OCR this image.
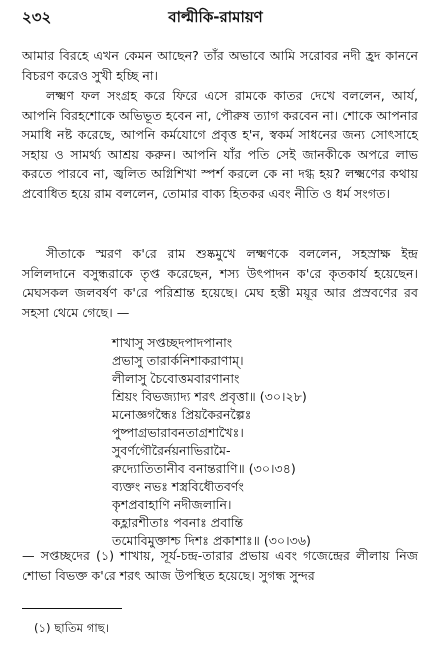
২৩২	বাল্মীকি-রামায়ণ

আমার বিরহে এখন কেমন আছেন? তাঁর অভাবে আমি সরোবর নদী হ্রদ কাননে বিচরণ করেও সুখী হচ্ছি না।

লক্ষ্মণ ফল সংগ্রহ করে ফিরে এসে রামকে কাতর দেখে বললেন, আর্য, আপনি বিরহশোকে অভিভূত হবেন না, পৌরুষ ত্যাগ করবেন না। শোকে আপনার সমাধি নষ্ট করেছে, আপনি কর্মযোগে প্রবৃত্ত হ'ন, স্বকর্ম সাধনের জন্য সোৎসাহে সহায় ও সামর্থ্য আশ্রয় করুন। আপনি যাঁর পতি সেই জানকীকে অপরে লাভ করতে পারবে না, জ্বলিত অগ্নিশিখা স্পর্শ করলে কে না দগ্ধ হয়? লক্ষ্মণের কথায় প্রবোধিত হয়ে রাম বললেন, তোমার বাক্য হিতকর এবং নীতি ও ধর্ম সংগত।

সীতাকে স্মরণ ক'রে রাম শুষ্কমুখে লক্ষ্মণকে বললেন, সহস্রাক্ষ ইন্দ্র সলিলদানে বসুন্ধরাকে তৃপ্ত করেছেন, শস্য উৎপাদন ক'রে কৃতকার্য হয়েছেন। মেঘসকল জলবর্ষণ ক'রে পরিশ্রান্ত হয়েছে। মেঘ হস্তী ময়ূর আর প্রস্রবণের রব সহসা থেমে গেছে। —

শাখাসু সপ্তচ্ছদপাদপানাং
প্রভাসু তারার্কনিশাকরাণাম্।
লীলাসু চৈবোত্তমবারণানাং
শ্রিয়ং বিভজ্যাদ্য শরৎ প্রবৃত্তা॥ (৩০।২৮)
মনোজ্ঞগন্ধৈঃ প্রিয়কৈরনল্পৈঃ
পুষ্পাগ্রভারাবনতাগ্রশাখৈঃ।
সুবর্ণগৌরৈর্নয়নাভিরামৈ-
রুদ্যোতিতানীব বনান্তরাণি॥ (৩০।৩৪)
ব্যক্তং নভঃ শস্ত্রবিধৌতবর্ণং
কৃশপ্রবাহাণি নদীজলানি।
কহ্লারশীতাঃ পবনাঃ প্রবান্তি
তমোবিমুক্তাশ্চ দিশঃ প্রকাশাঃ॥ (৩০।৩৬)

— সপ্তচ্ছদের (১) শাখায়, সূর্য-চন্দ্র-তারার প্রভায় এবং গজেন্দ্রের লীলায় নিজ শোভা বিভক্ত ক'রে শরৎ আজ উপস্থিত হয়েছে। সুগন্ধ সুন্দর

(১) ছাতিম গাছ।
